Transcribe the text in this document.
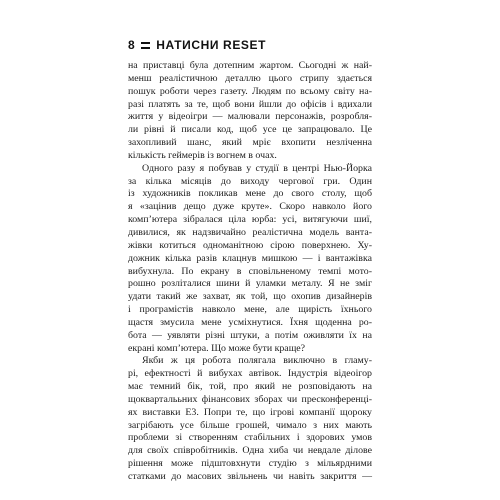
8 НАТИСНИ RESET
на приставці була дотепним жартом. Сьогодні ж най-
менш реалістичною деталлю цього стрипу здається
пошук роботи через газету. Людям по всьому світу на-
разі платять за те, щоб вони йшли до офісів і вдихали
життя у відеоігри — малювали персонажів, розробля-
ли рівні й писали код, щоб усе це запрацювало. Це
захопливий шанс, який мріє вхопити незліченна
кількість геймерів із вогнем в очах.
Одного разу я побував у студії в центрі Нью-Йорка
за кілька місяців до виходу чергової гри. Один
із художників покликав мене до свого столу, щоб
я «зацінив дещо дуже круте». Скоро навколо його
комп’ютера зібралася ціла юрба: усі, витягуючи шиї,
дивилися, як надзвичайно реалістична модель ванта-
жівки котиться одноманітною сірою поверхнею. Ху-
дожник кілька разів клацнув мишкою — і вантажівка
вибухнула. По екрану в сповільненому темпі мото-
рошно розліталися шини й уламки металу. Я не зміг
удати такий же захват, як той, що охопив дизайнерів
і програмістів навколо мене, але щирість їхнього
щастя змусила мене усміхнутися. Їхня щоденна ро-
бота — уявляти різні штуки, а потім оживляти їх на
екрані комп’ютера. Що може бути краще?
Якби ж ця робота полягала виключно в гламу-
рі, ефектності й вибухах автівок. Індустрія відеоігор
має темний бік, той, про який не розповідають на
щокварталььних фінансових зборах чи пресконференці-
ях виставки E3. Попри те, що ігрові компанії щороку
загрібають усе більше грошей, чимало з них мають
проблеми зі створенням стабільних і здорових умов
для своїх співробітників. Одна хиба чи невдале ділове
рішення може підштовхнути студію з мільярдними
статками до масових звільнень чи навіть закриття —
